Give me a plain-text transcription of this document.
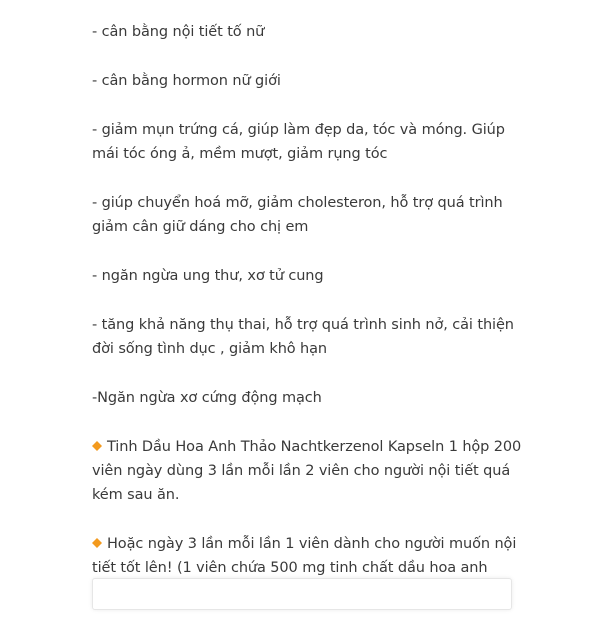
- cân bằng nội tiết tố nữ

- cân bằng hormon nữ giới

- giảm mụn trứng cá, giúp làm đẹp da, tóc và móng. Giúp mái tóc óng ả, mềm mượt, giảm rụng tóc

- giúp chuyển hoá mỡ, giảm cholesteron, hỗ trợ quá trình giảm cân giữ dáng cho chị em

- ngăn ngừa ung thư, xơ tử cung

- tăng khả năng thụ thai, hỗ trợ quá trình sinh nở, cải thiện đời sống tình dục , giảm khô hạn

-Ngăn ngừa xơ cứng động mạch

Tinh Dầu Hoa Anh Thảo Nachtkerzenol Kapseln 1 hộp 200 viên ngày dùng 3 lần mỗi lần 2 viên cho người nội tiết quá kém sau ăn.

Hoặc ngày 3 lần mỗi lần 1 viên dành cho người muốn nội tiết tốt lên! (1 viên chứa 500 mg tinh chất dầu hoa anh
